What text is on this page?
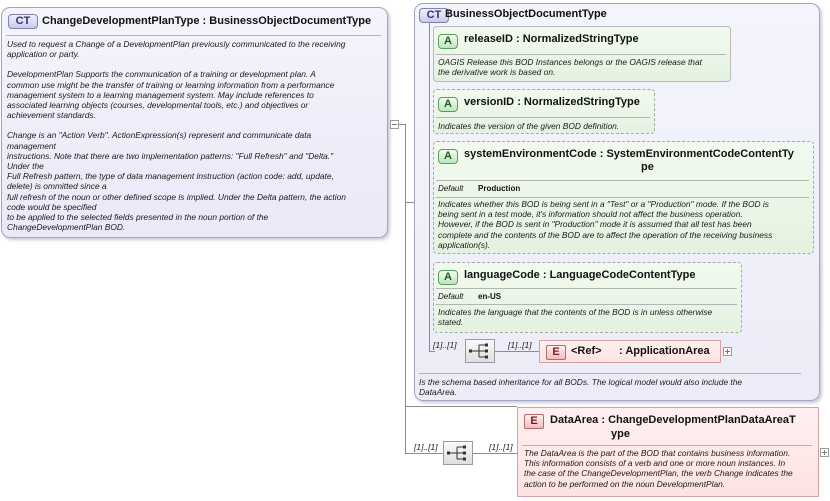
CT	ChangeDevelopmentPlanType : BusinessObjectDocumentType
Used to request a Change of a DevelopmentPlan previously communicated to the receiving
application or party.
DevelopmentPlan Supports the communication of a training or development plan. A
common use might be the transfer of training or learning information from a performance
management system to a learning management system. May include references to
associated learning objects (courses, developmental tools, etc.) and objectives or
achievement standards.
Change is an "Action Verb". ActionExpression(s) represent and communicate data
management
instructions. Note that there are two implementation patterns: "Full Refresh" and "Delta."
Under the
Full Refresh pattern, the type of data management instruction (action code: add, update,
delete) is ommitted since a
full refresh of the noun or other defined scope is implied. Under the Delta pattern, the action
code would be specified
to be applied to the selected fields presented in the noun portion of the
ChangeDevelopmentPlan BOD.
CT BusinessObjectDocumentType
A	releaseID : NormalizedStringType
OAGIS Release this BOD Instances belongs or the OAGIS release that
the derivative work is based on.
A	versionID : NormalizedStringType
Indicates the version of the given BOD definition.
A	systemEnvironmentCode : SystemEnvironmentCodeContentTy
pe
Default Production
Indicates whether this BOD is being sent in a "Test" or a "Production" mode. If the BOD is
being sent in a test mode, it's information should not affect the business operation.
However, if the BOD is sent in "Production" mode it is assumed that all test has been
complete and the contents of the BOD are to affect the operation of the receiving business
application(s).
A	languageCode : LanguageCodeContentType
Default en-US
Indicates the language that the contents of the BOD is in unless otherwise
stated.
[1]..[1]	[1]..[1]
E	<Ref> : ApplicationArea
Is the schema based inheritance for all BODs. The logical model would also include the
DataArea.
[1]..[1]	[1]..[1]
E	DataArea : ChangeDevelopmentPlanDataAreaT
ype
The DataArea is the part of the BOD that contains business information.
This information consists of a verb and one or more noun instances. In
the case of the ChangeDevelopmentPlan, the verb Change indicates the
action to be performed on the noun DevelopmentPlan.
